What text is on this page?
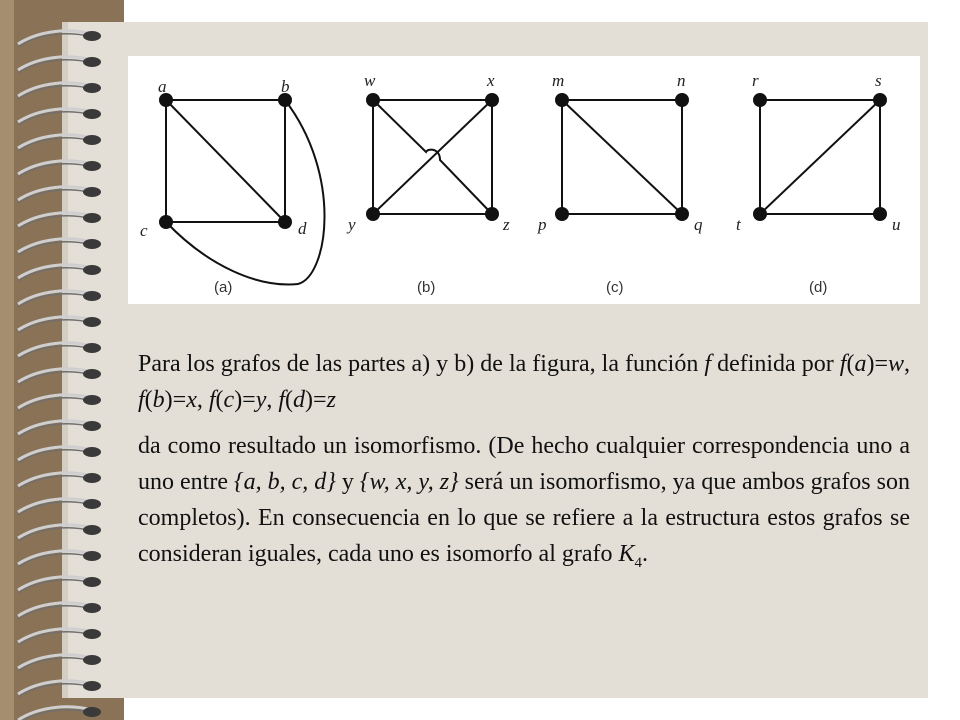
a	b
c	d
w	x
y	z
m	n
p	q
r	s
t	u
(a)	(b)	(c)	(d)

Para los grafos de las partes a) y b) de la figura, la función f definida por f(a)=w, f(b)=x, f(c)=y, f(d)=z

da como resultado un isomorfismo. (De hecho cualquier correspondencia uno a uno entre {a, b, c, d} y {w, x, y, z} será un isomorfismo, ya que ambos grafos son completos). En consecuencia en lo que se refiere a la estructura estos grafos se consideran iguales, cada uno es isomorfo al grafo $K_4$.
